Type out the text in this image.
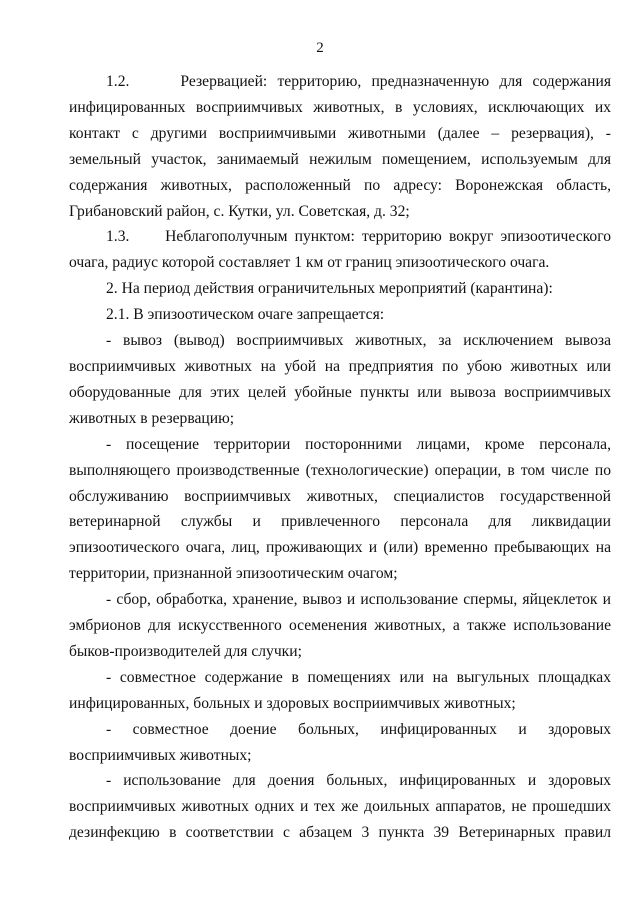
2

1.2.     Резервацией: территорию, предназначенную для содержания инфицированных восприимчивых животных, в условиях, исключающих их контакт с другими восприимчивыми животными (далее – резервация), - земельный участок, занимаемый нежилым помещением, используемым для содержания животных, расположенный по адресу: Воронежская область, Грибановский район, с. Кутки, ул. Советская, д. 32;

1.3.     Неблагополучным пунктом: территорию вокруг эпизоотического очага, радиус которой составляет 1 км от границ эпизоотического очага.

2. На период действия ограничительных мероприятий (карантина):

2.1. В эпизоотическом очаге запрещается:

- вывоз (вывод) восприимчивых животных, за исключением вывоза восприимчивых животных на убой на предприятия по убою животных или оборудованные для этих целей убойные пункты или вывоза восприимчивых животных в резервацию;

- посещение территории посторонними лицами, кроме персонала, выполняющего производственные (технологические) операции, в том числе по обслуживанию восприимчивых животных, специалистов государственной ветеринарной службы и привлеченного персонала для ликвидации эпизоотического очага, лиц, проживающих и (или) временно пребывающих на территории, признанной эпизоотическим очагом;

- сбор, обработка, хранение, вывоз и использование спермы, яйцеклеток и эмбрионов для искусственного осеменения животных, а также использование быков-производителей для случки;

- совместное содержание в помещениях или на выгульных площадках инфицированных, больных и здоровых восприимчивых животных;

- совместное доение больных, инфицированных и здоровых восприимчивых животных;

- использование для доения больных, инфицированных и здоровых восприимчивых животных одних и тех же доильных аппаратов, не прошедших дезинфекцию в соответствии с абзацем 3 пункта 39 Ветеринарных правил
